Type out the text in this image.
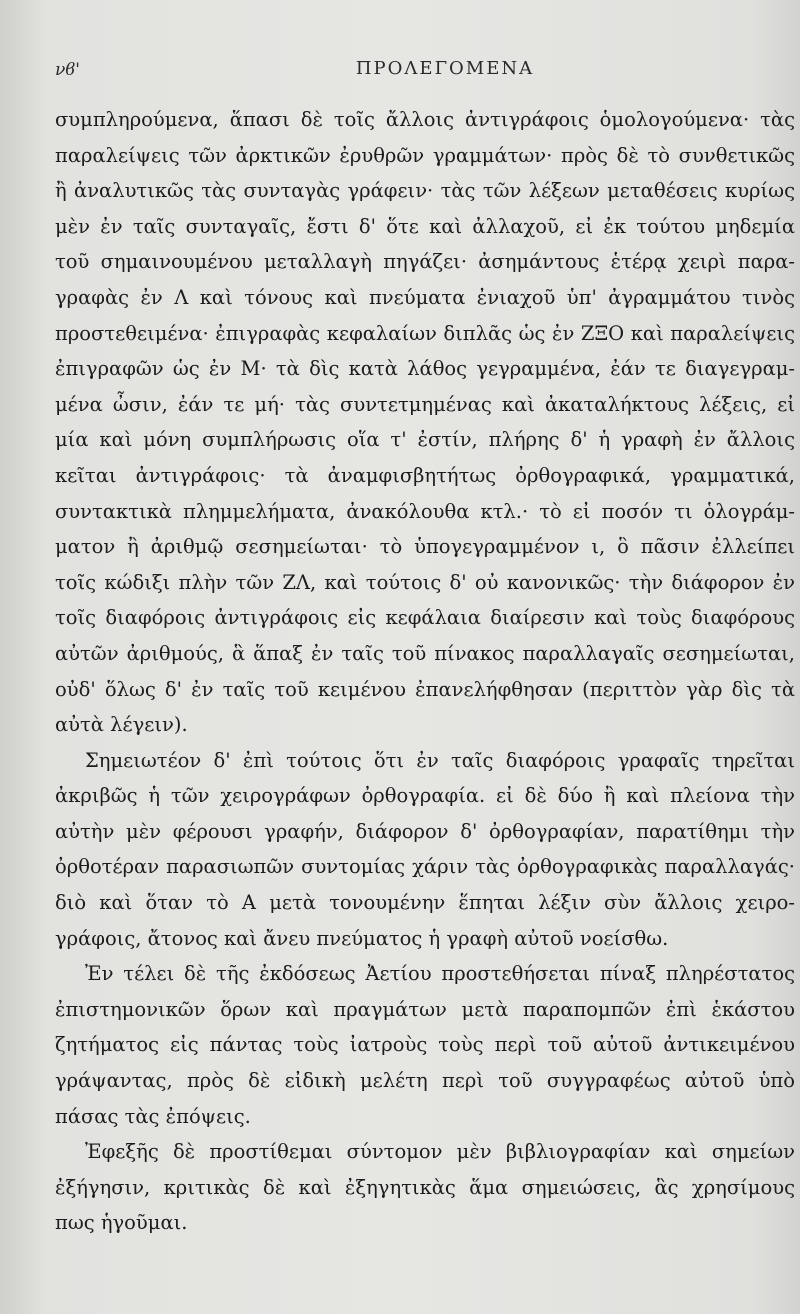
νϐ'	ΠΡΟΛΕΓΟΜΕΝΑ
συμπληρούμενα, ἅπασι δὲ τοῖς ἄλλοις ἀντιγράφοις ὁμολογούμενα· τὰς
παραλείψεις τῶν ἀρκτικῶν ἐρυθρῶν γραμμάτων· πρὸς δὲ τὸ συνθετικῶς
ἢ ἀναλυτικῶς τὰς συνταγὰς γράφειν· τὰς τῶν λέξεων μεταθέσεις κυρίως
μὲν ἐν ταῖς συνταγαῖς, ἔστι δ' ὅτε καὶ ἀλλαχοῦ, εἰ ἐκ τούτου μηδεμία
τοῦ σημαινουμένου μεταλλαγὴ πηγάζει· ἀσημάντους ἑτέρᾳ χειρὶ παρα-
γραφὰς ἐν Λ καὶ τόνους καὶ πνεύματα ἐνιαχοῦ ὑπ' ἀγραμμάτου τινὸς
προστεθειμένα· ἐπιγραφὰς κεφαλαίων διπλᾶς ὡς ἐν ΖΞΟ καὶ παραλείψεις
ἐπιγραφῶν ὡς ἐν Μ· τὰ δὶς κατὰ λάθος γεγραμμένα, ἐάν τε διαγεγραμ-
μένα ὦσιν, ἐάν τε μή· τὰς συντετμημένας καὶ ἀκαταλήκτους λέξεις, εἰ
μία καὶ μόνη συμπλήρωσις οἵα τ' ἐστίν, πλήρης δ' ἡ γραφὴ ἐν ἄλλοις
κεῖται ἀντιγράφοις· τὰ ἀναμφισβητήτως ὀρθογραφικά, γραμματικά,
συντακτικὰ πλημμελήματα, ἀνακόλουθα κτλ.· τὸ εἰ ποσόν τι ὁλογράμ-
ματον ἢ ἀριθμῷ σεσημείωται· τὸ ὑπογεγραμμένον ι, ὃ πᾶσιν ἐλλείπει
τοῖς κώδιξι πλὴν τῶν ΖΛ, καὶ τούτοις δ' οὐ κανονικῶς· τὴν διάφορον ἐν
τοῖς διαφόροις ἀντιγράφοις εἰς κεφάλαια διαίρεσιν καὶ τοὺς διαφόρους
αὐτῶν ἀριθμούς, ἃ ἅπαξ ἐν ταῖς τοῦ πίνακος παραλλαγαῖς σεσημείωται,
οὐδ' ὅλως δ' ἐν ταῖς τοῦ κειμένου ἐπανελήφθησαν (περιττὸν γὰρ δὶς τὰ
αὐτὰ λέγειν).
Σημειωτέον δ' ἐπὶ τούτοις ὅτι ἐν ταῖς διαφόροις γραφαῖς τηρεῖται
ἀκριβῶς ἡ τῶν χειρογράφων ὀρθογραφία. εἰ δὲ δύο ἢ καὶ πλείονα τὴν
αὐτὴν μὲν φέρουσι γραφήν, διάφορον δ' ὀρθογραφίαν, παρατίθημι τὴν
ὀρθοτέραν παρασιωπῶν συντομίας χάριν τὰς ὀρθογραφικὰς παραλλαγάς·
διὸ καὶ ὅταν τὸ Α μετὰ τονουμένην ἕπηται λέξιν σὺν ἄλλοις χειρο-
γράφοις, ἄτονος καὶ ἄνευ πνεύματος ἡ γραφὴ αὐτοῦ νοείσθω.
Ἐν τέλει δὲ τῆς ἐκδόσεως Ἀετίου προστεθήσεται πίναξ πληρέστατος
ἐπιστημονικῶν ὅρων καὶ πραγμάτων μετὰ παραπομπῶν ἐπὶ ἑκάστου
ζητήματος εἰς πάντας τοὺς ἰατροὺς τοὺς περὶ τοῦ αὐτοῦ ἀντικειμένου
γράψαντας, πρὸς δὲ εἰδικὴ μελέτη περὶ τοῦ συγγραφέως αὐτοῦ ὑπὸ
πάσας τὰς ἐπόψεις.
Ἐφεξῆς δὲ προστίθεμαι σύντομον μὲν βιβλιογραφίαν καὶ σημείων
ἐξήγησιν, κριτικὰς δὲ καὶ ἐξηγητικὰς ἅμα σημειώσεις, ἃς χρησίμους
πως ἡγοῦμαι.
